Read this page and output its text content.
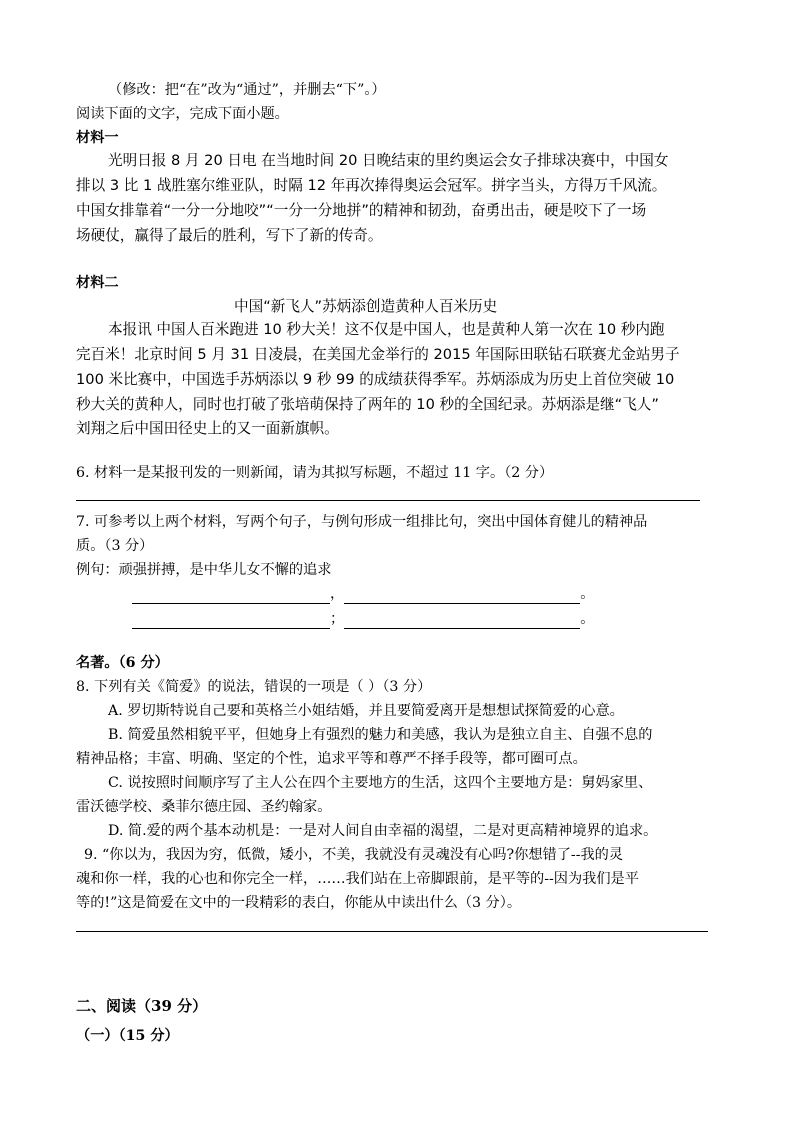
（修改：把“在”改为“通过”，并删去“下”。）
阅读下面的文字，完成下面小题。
材料一
光明日报 8 月 20 日电 在当地时间 20 日晚结束的里约奥运会女子排球决赛中，中国女
排以 3 比 1 战胜塞尔维亚队，时隔 12 年再次捧得奥运会冠军。拼字当头，方得万千风流。
中国女排靠着“一分一分地咬”“一分一分地拼”的精神和韧劲，奋勇出击，硬是咬下了一场
场硬仗，赢得了最后的胜利，写下了新的传奇。
材料二
中国“新飞人”苏炳添创造黄种人百米历史
本报讯 中国人百米跑进 10 秒大关！这不仅是中国人，也是黄种人第一次在 10 秒内跑
完百米！北京时间 5 月 31 日凌晨，在美国尤金举行的 2015 年国际田联钻石联赛尤金站男子
100 米比赛中，中国选手苏炳添以 9 秒 99 的成绩获得季军。苏炳添成为历史上首位突破 10
秒大关的黄种人，同时也打破了张培萌保持了两年的 10 秒的全国纪录。苏炳添是继“飞人”
刘翔之后中国田径史上的又一面新旗帜。
6. 材料一是某报刊发的一则新闻，请为其拟写标题，不超过 11 字。（2 分）
7. 可参考以上两个材料，写两个句子，与例句形成一组排比句，突出中国体育健儿的精神品
质。（3 分）
例句：顽强拼搏，是中华儿女不懈的追求
，	。
；	。
名著。（6 分）
8. 下列有关《简爱》的说法，错误的一项是（ ）（3 分）
A. 罗切斯特说自己要和英格兰小姐结婚，并且要简爱离开是想想试探简爱的心意。
B. 简爱虽然相貌平平，但她身上有强烈的魅力和美感，我认为是独立自主、自强不息的
精神品格；丰富、明确、坚定的个性，追求平等和尊严不择手段等，都可圈可点。
C. 说按照时间顺序写了主人公在四个主要地方的生活，这四个主要地方是：舅妈家里、
雷沃德学校、桑菲尔德庄园、圣约翰家。
D. 简.爱的两个基本动机是：一是对人间自由幸福的渴望，二是对更高精神境界的追求。
9. “你以为，我因为穷，低微，矮小，不美，我就没有灵魂没有心吗?你想错了--我的灵
魂和你一样，我的心也和你完全一样，……我们站在上帝脚跟前，是平等的--因为我们是平
等的!”这是简爱在文中的一段精彩的表白，你能从中读出什么（3 分）。
二、阅读（39 分）
（一）（15 分）
